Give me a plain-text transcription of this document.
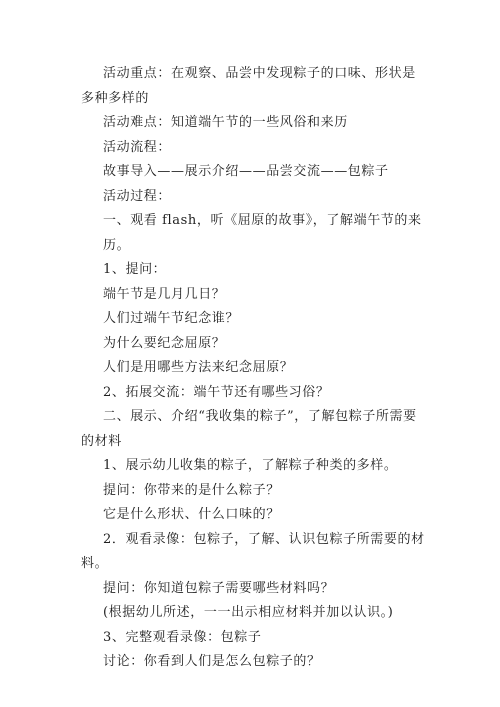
活动重点：在观察、品尝中发现粽子的口味、形状是多种多样的

活动难点：知道端午节的一些风俗和来历

活动流程：

故事导入——展示介绍——品尝交流——包粽子

活动过程：

一、观看 flash，听《屈原的故事》，了解端午节的来历。

1、提问：

端午节是几月几日？

人们过端午节纪念谁？

为什么要纪念屈原？

人们是用哪些方法来纪念屈原？

2、拓展交流：端午节还有哪些习俗？

二、展示、介绍“我收集的粽子”，了解包粽子所需要的材料

1、展示幼儿收集的粽子，了解粽子种类的多样。

提问：你带来的是什么粽子？

它是什么形状、什么口味的？

2．观看录像：包粽子，了解、认识包粽子所需要的材料。

提问：你知道包粽子需要哪些材料吗？

(根据幼儿所述，一一出示相应材料并加以认识。)

3、完整观看录像：包粽子

讨论：你看到人们是怎么包粽子的？
